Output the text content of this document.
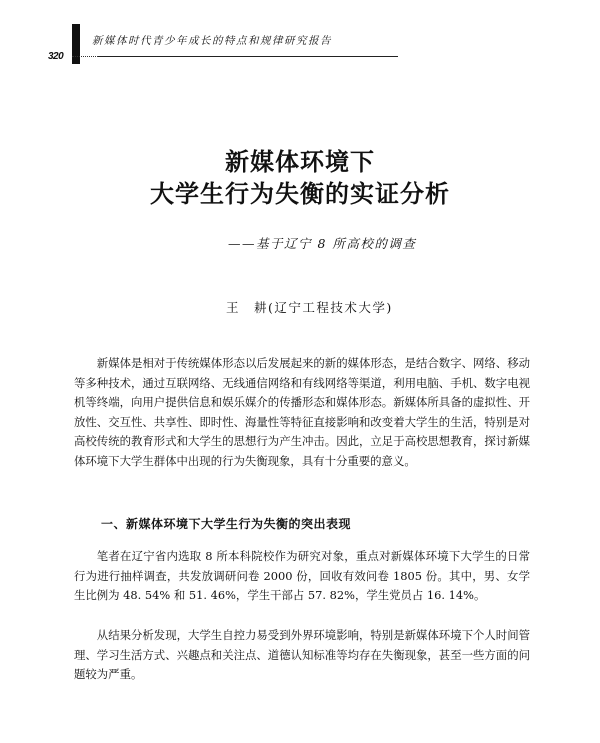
新媒体时代青少年成长的特点和规律研究报告
320
新媒体环境下
大学生行为失衡的实证分析
——基于辽宁 8 所高校的调查
王　耕(辽宁工程技术大学)

新媒体是相对于传统媒体形态以后发展起来的新的媒体形态，是结合数字、网络、移动等多种技术，通过互联网络、无线通信网络和有线网络等渠道，利用电脑、手机、数字电视机等终端，向用户提供信息和娱乐媒介的传播形态和媒体形态。新媒体所具备的虚拟性、开放性、交互性、共享性、即时性、海量性等特征直接影响和改变着大学生的生活，特别是对高校传统的教育形式和大学生的思想行为产生冲击。因此，立足于高校思想教育，探讨新媒体环境下大学生群体中出现的行为失衡现象，具有十分重要的意义。

一、新媒体环境下大学生行为失衡的突出表现

笔者在辽宁省内选取 8 所本科院校作为研究对象，重点对新媒体环境下大学生的日常行为进行抽样调查，共发放调研问卷 2000 份，回收有效问卷 1805 份。其中，男、女学生比例为 48. 54% 和 51. 46%，学生干部占 57. 82%，学生党员占 16. 14%。

从结果分析发现，大学生自控力易受到外界环境影响，特别是新媒体环境下个人时间管理、学习生活方式、兴趣点和关注点、道德认知标准等均存在失衡现象，甚至一些方面的问题较为严重。
